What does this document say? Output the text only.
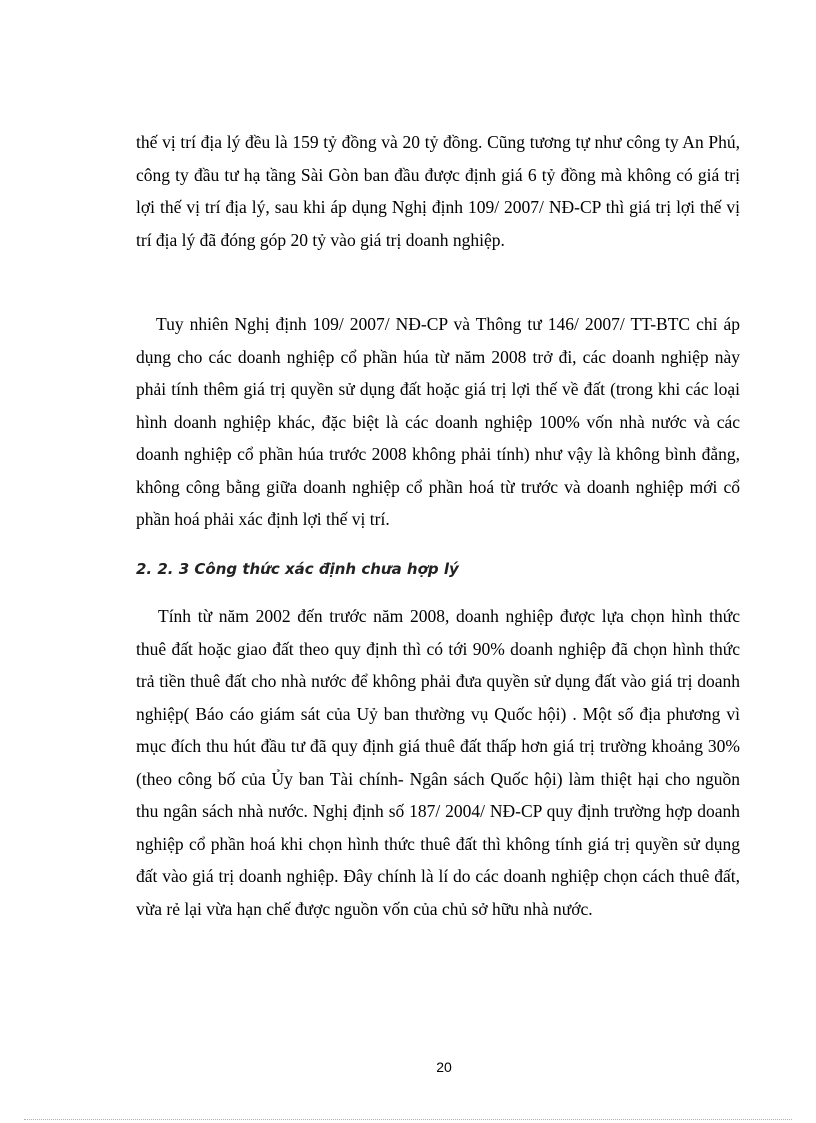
thế vị trí địa lý đều là 159 tỷ đồng và 20 tỷ đồng. Cũng tương tự như công ty An Phú, công ty đầu tư hạ tầng Sài Gòn ban đầu được định giá 6 tỷ đồng mà không có giá trị lợi thế vị trí địa lý, sau khi áp dụng Nghị định 109/ 2007/ NĐ-CP thì giá trị lợi thế vị trí địa lý đã đóng góp 20 tỷ vào giá trị doanh nghiệp.

Tuy nhiên Nghị định 109/ 2007/ NĐ-CP và Thông tư 146/ 2007/ TT-BTC chỉ áp dụng cho các doanh nghiệp cổ phần húa từ năm 2008 trở đi, các doanh nghiệp này phải tính thêm giá trị quyền sử dụng đất hoặc giá trị lợi thế về đất (trong khi các loại hình doanh nghiệp khác, đặc biệt là các doanh nghiệp 100% vốn nhà nước và các doanh nghiệp cổ phần húa trước 2008 không phải tính) như vậy là không bình đẳng, không công bằng giữa doanh nghiệp cổ phần hoá từ trước và doanh nghiệp mới cổ phần hoá phải xác định lợi thế vị trí.

2. 2. 3 Công thức xác định chưa hợp lý

Tính từ năm 2002 đến trước năm 2008, doanh nghiệp được lựa chọn hình thức thuê đất hoặc giao đất theo quy định thì có tới 90% doanh nghiệp đã chọn hình thức trả tiền thuê đất cho nhà nước để không phải đưa quyền sử dụng đất vào giá trị doanh nghiệp( Báo cáo giám sát của Uỷ ban thường vụ Quốc hội) . Một số địa phương vì mục đích thu hút đầu tư đã quy định giá thuê đất thấp hơn giá trị trường khoảng 30% (theo công bố của Ủy ban Tài chính- Ngân sách Quốc hội) làm thiệt hại cho nguồn thu ngân sách nhà nước. Nghị định số 187/ 2004/ NĐ-CP quy định trường hợp doanh nghiệp cổ phần hoá khi chọn hình thức thuê đất thì không tính giá trị quyền sử dụng đất vào giá trị doanh nghiệp. Đây chính là lí do các doanh nghiệp chọn cách thuê đất, vừa rẻ lại vừa hạn chế được nguồn vốn của chủ sở hữu nhà nước.

20
